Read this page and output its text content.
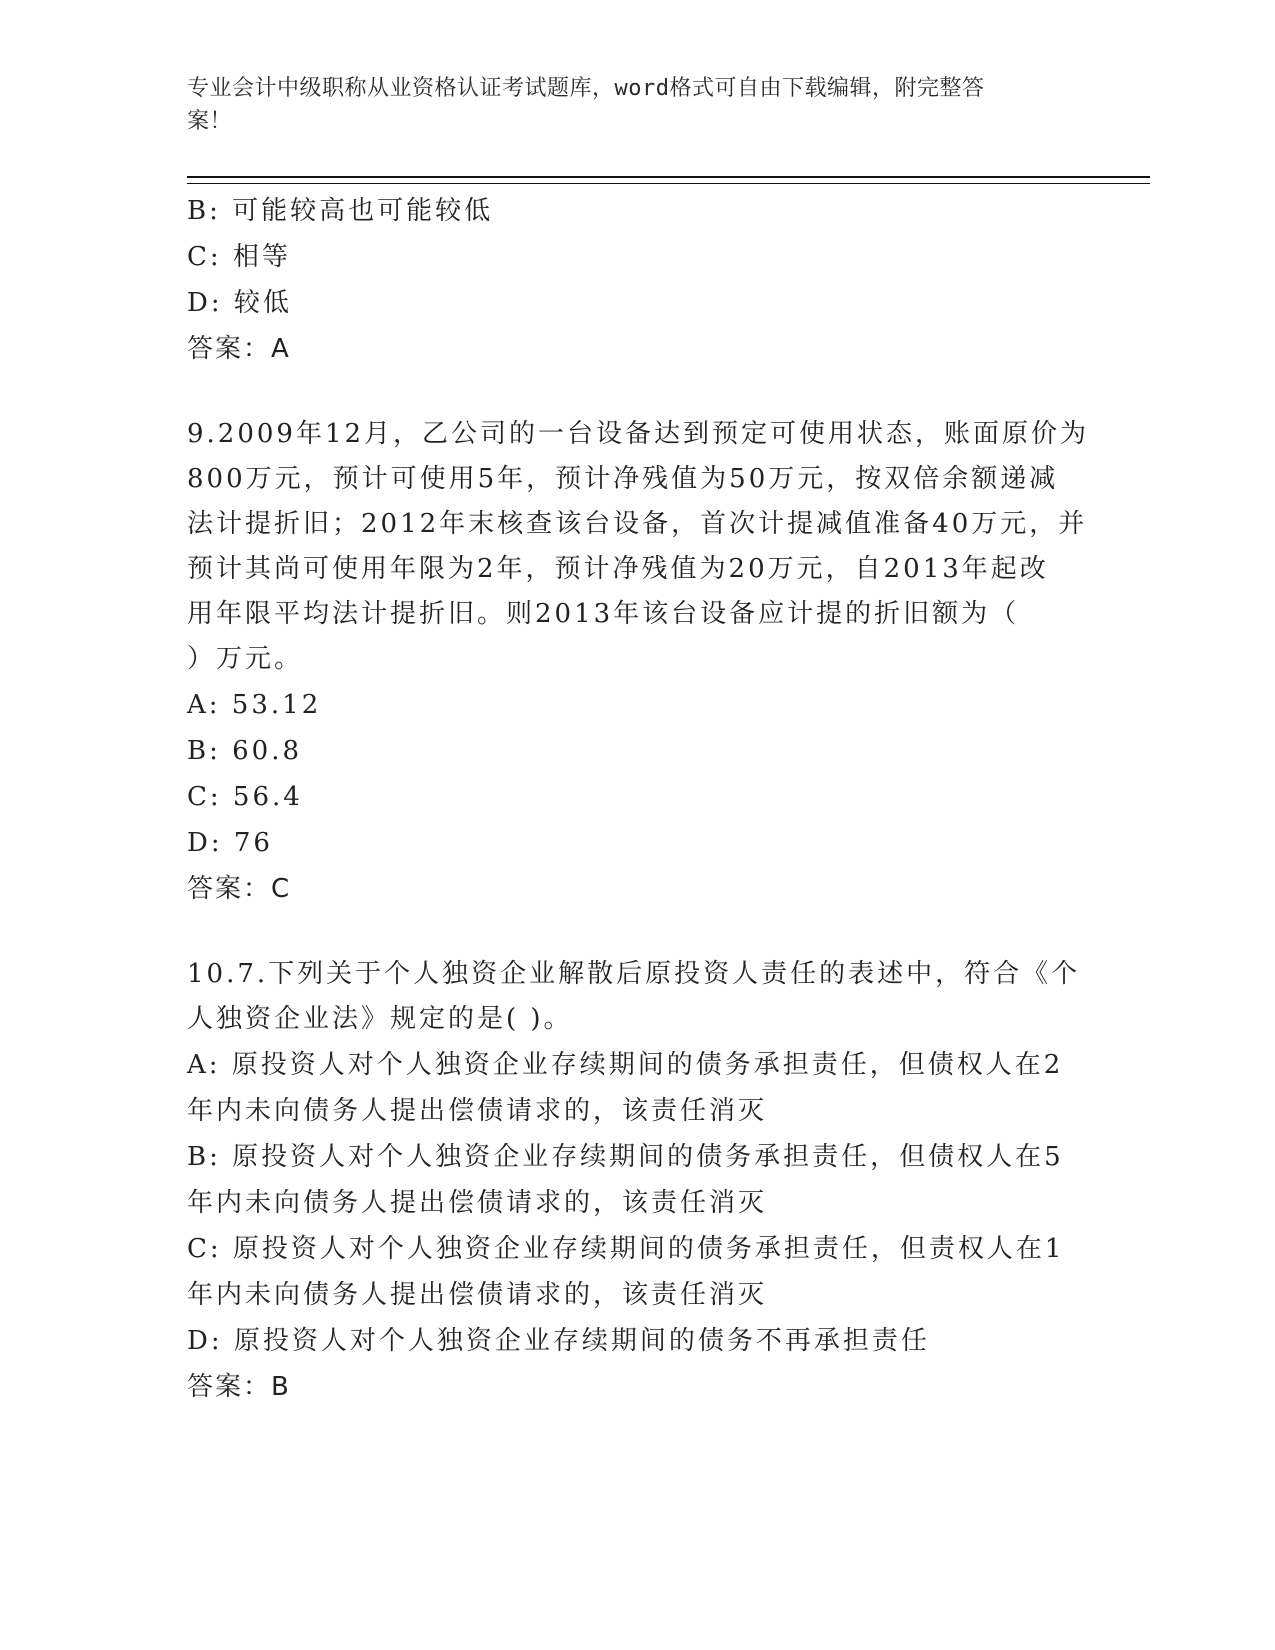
专业会计中级职称从业资格认证考试题库，word格式可自由下载编辑，附完整答
案！
B: 可能较高也可能较低
C: 相等
D: 较低
答案：A
9.2009年12月，乙公司的一台设备达到预定可使用状态，账面原价为
800万元，预计可使用5年，预计净残值为50万元，按双倍余额递减
法计提折旧；2012年末核查该台设备，首次计提减值准备40万元，并
预计其尚可使用年限为2年，预计净残值为20万元，自2013年起改
用年限平均法计提折旧。则2013年该台设备应计提的折旧额为（
）万元。
A: 53.12
B: 60.8
C: 56.4
D: 76
答案：C
10.7.下列关于个人独资企业解散后原投资人责任的表述中，符合《个
人独资企业法》规定的是( )。
A: 原投资人对个人独资企业存续期间的债务承担责任，但债权人在2
年内未向债务人提出偿债请求的，该责任消灭
B: 原投资人对个人独资企业存续期间的债务承担责任，但债权人在5
年内未向债务人提出偿债请求的，该责任消灭
C: 原投资人对个人独资企业存续期间的债务承担责任，但责权人在1
年内未向债务人提出偿债请求的，该责任消灭
D: 原投资人对个人独资企业存续期间的债务不再承担责任
答案：B
